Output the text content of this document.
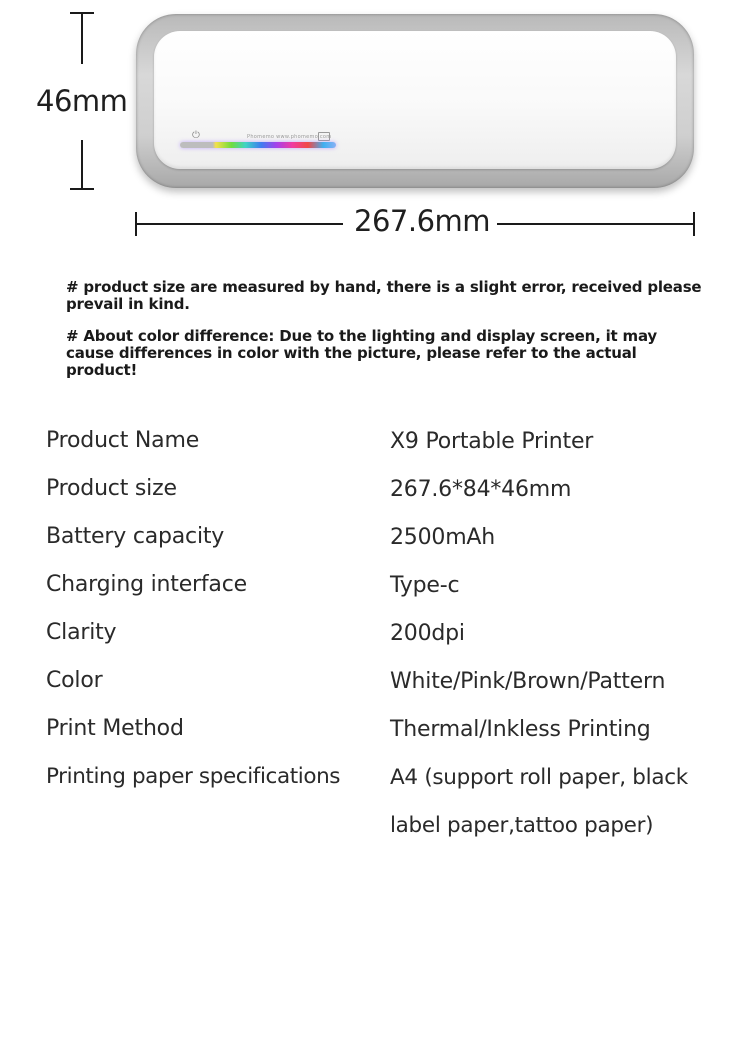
⏻	Phomemo www.phomemo.com
46mm
267.6mm
# product size are measured by hand, there is a slight error, received please prevail in kind.
# About color difference: Due to the lighting and display screen, it may cause differences in color with the picture, please refer to the actual product!
Product Name	X9 Portable Printer
Product size	267.6*84*46mm
Battery capacity	2500mAh
Charging interface	Type-c
Clarity	200dpi
Color	White/Pink/Brown/Pattern
Print Method	Thermal/Inkless Printing
Printing paper specifications	A4 (support roll paper, black label paper,tattoo paper)
